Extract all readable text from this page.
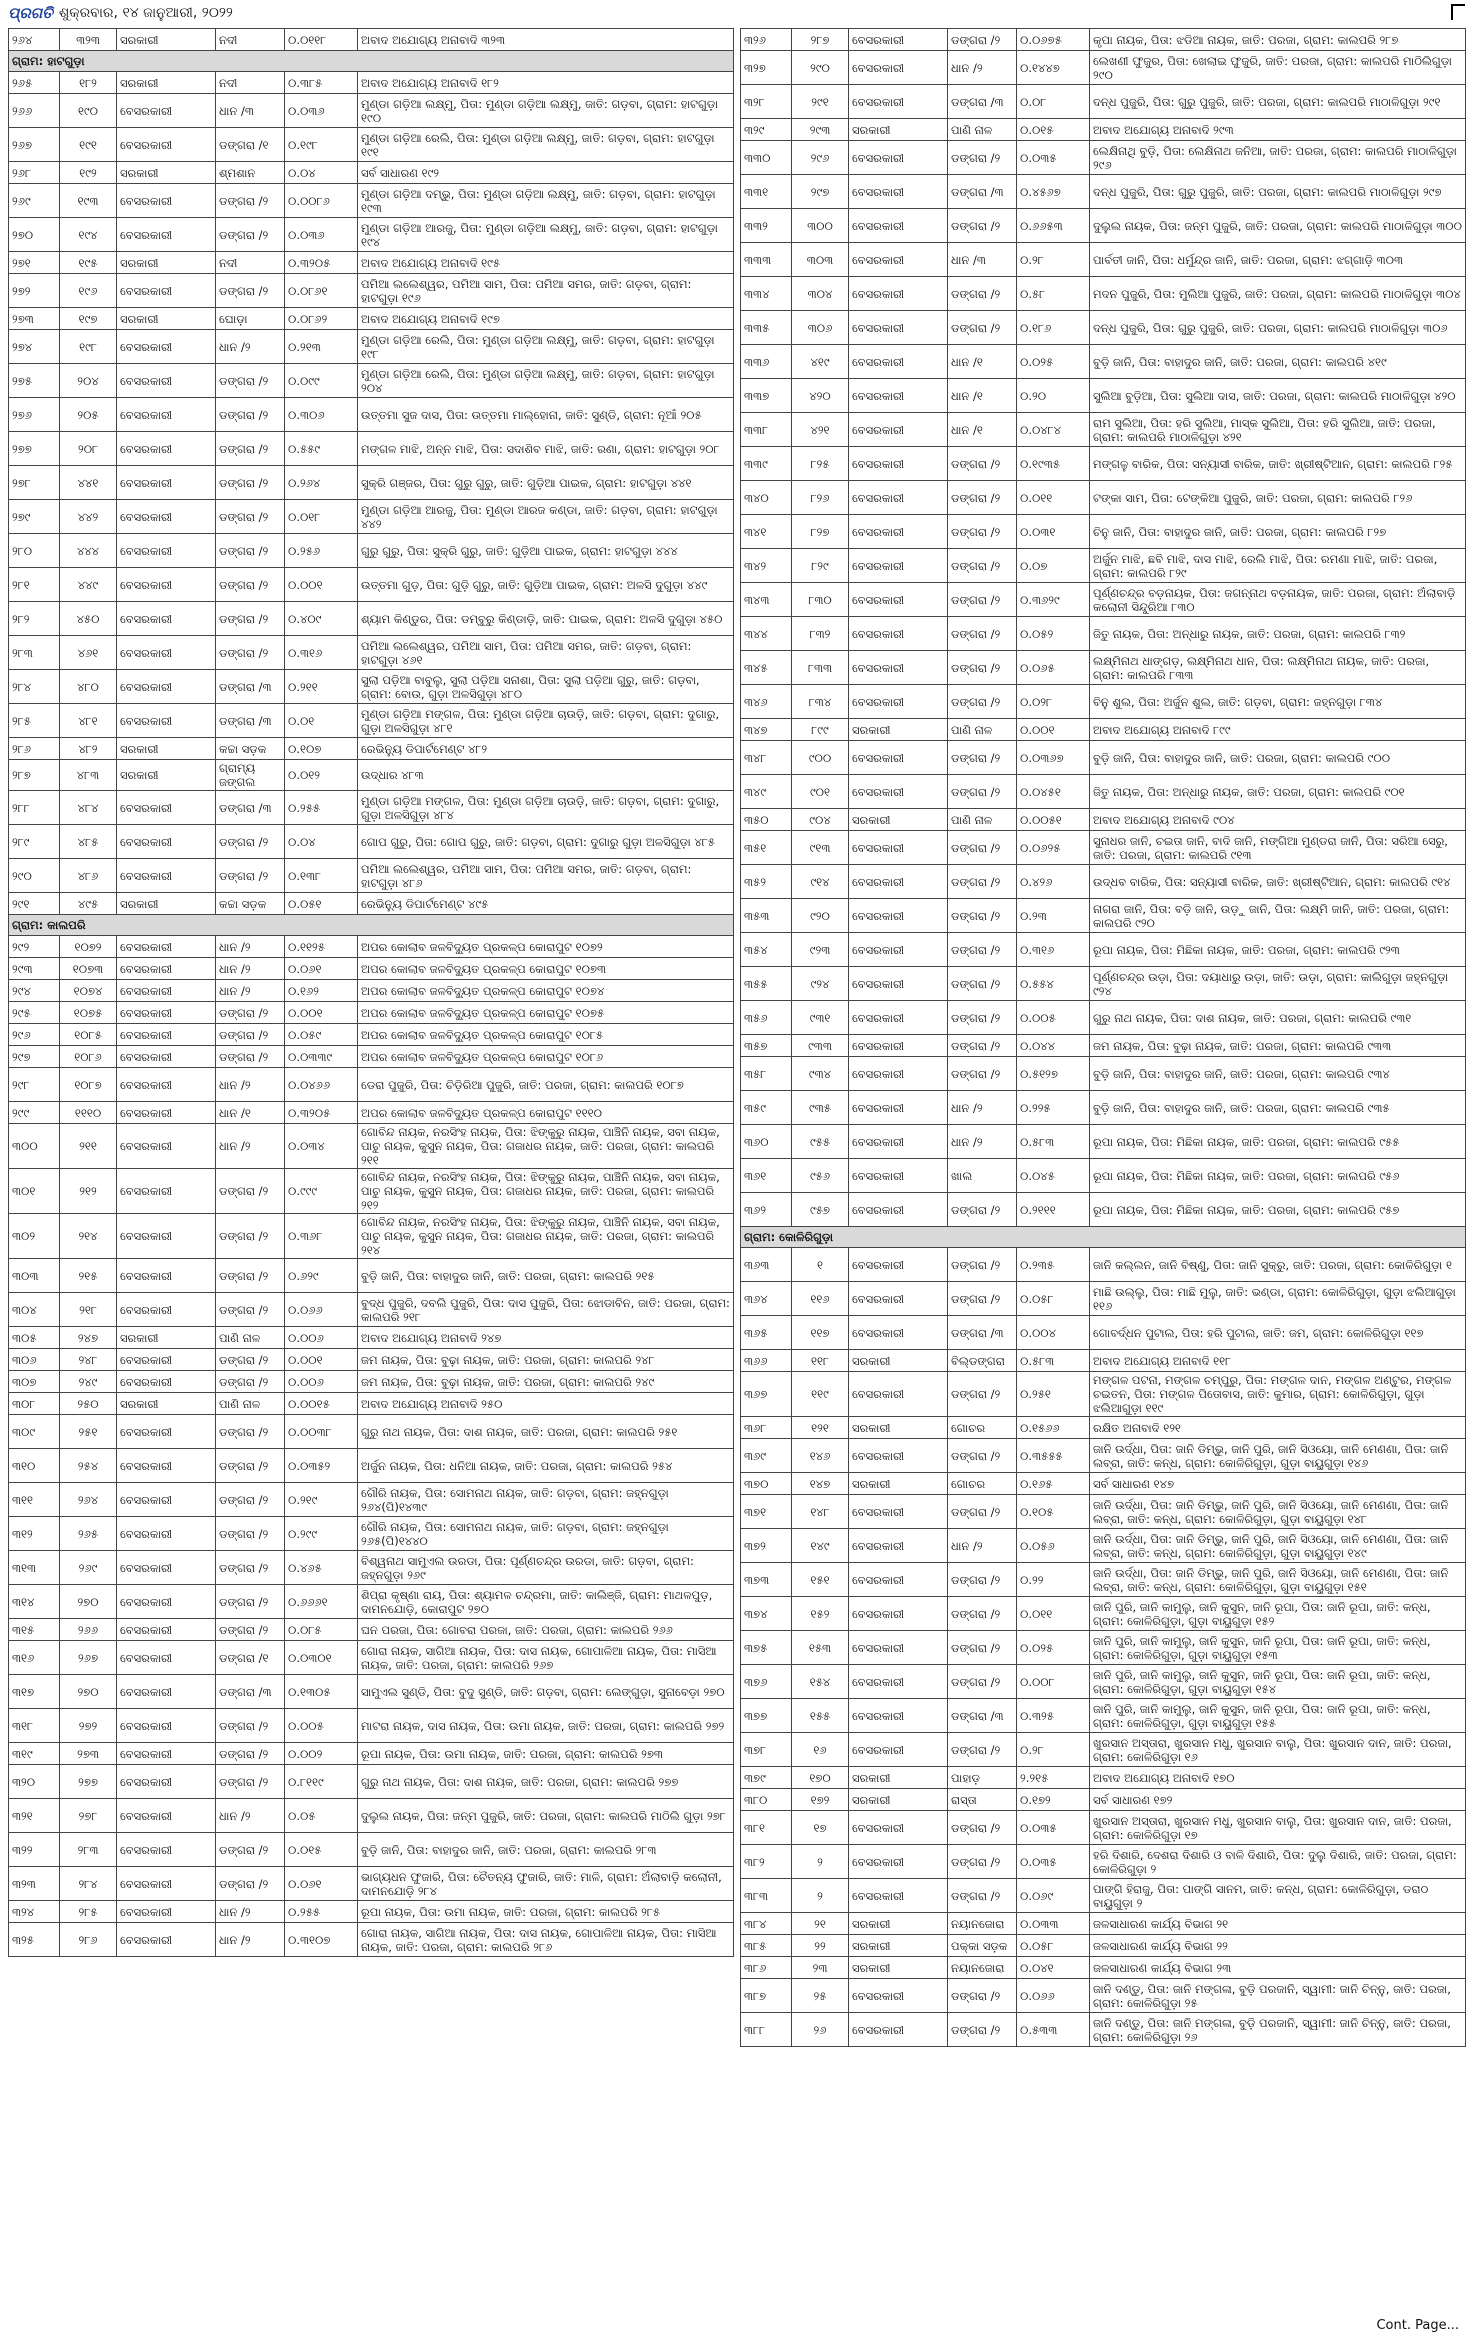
ପ୍ରଗତି ଶୁକ୍ରବାର, ୧୪ ଜାନୁଆରୀ, ୨୦୨୨
୨୬୪	୩୨୩	ସରକାରୀ	ନଦୀ	୦.୦୧୧୮	ଅବାଦ ଅଯୋଗ୍ୟ ଅନାବାଦି ୩୨୩
ଗ୍ରାମ: ହାଟଗୁଡ଼ା					
୨୬୫	୧୮୨	ସରକାରୀ	ନଦୀ	୦.୩୮୫	ଅବାଦ ଅଯୋଗ୍ୟ ଅନାବାଦି ୧୮୨
୨୬୬	୧୯୦	ବେସରକାରୀ	ଧାନ /୩	୦.୦୩୬	ମୁଣ୍ଡା ଗଡ଼ିଆ ଲକ୍ଷ୍ମୁ, ପିତା: ମୁଣ୍ଡା ଗଡ଼ିଆ ଲକ୍ଷ୍ମୁ, ଜାତି: ଗଡ଼ବା, ଗ୍ରାମ: ହାଟଗୁଡ଼ା ୧୯୦
୨୬୭	୧୯୧	ବେସରକାରୀ	ଡଙ୍ଗରା /୧	୦.୧୯୮	ମୁଣ୍ଡା ଗଡ଼ିଆ ରେଲି, ପିତା: ମୁଣ୍ଡା ଗଡ଼ିଆ ଲକ୍ଷ୍ମୁ, ଜାତି: ଗଡ଼ବା, ଗ୍ରାମ: ହାଟଗୁଡ଼ା ୧୯୧
୨୬୮	୧୯୨	ସରକାରୀ	ଶ୍ମଶାନ	୦.୦୪	ସର୍ବ ସାଧାରଣ ୧୯୨
୨୬୯	୧୯୩	ବେସରକାରୀ	ଡଙ୍ଗରା /୨	୦.୦୦୮୬	ମୁଣ୍ଡା ଗଡ଼ିଆ ଦମ୍ଭୁ, ପିତା: ମୁଣ୍ଡା ଗଡ଼ିଆ ଲକ୍ଷ୍ମୁ, ଜାତି: ଗଡ଼ବା, ଗ୍ରାମ: ହାଟଗୁଡ଼ା ୧୯୩
୨୭୦	୧୯୪	ବେସରକାରୀ	ଡଙ୍ଗରା /୨	୦.୦୩୬	ମୁଣ୍ଡା ଗଡ଼ିଆ ଆରଜୁ, ପିତା: ମୁଣ୍ଡା ଗଡ଼ିଆ ଲକ୍ଷ୍ମୁ, ଜାତି: ଗଡ଼ବା, ଗ୍ରାମ: ହାଟଗୁଡ଼ା ୧୯୪
୨୭୧	୧୯୫	ସରକାରୀ	ନଦୀ	୦.୩୨୦୫	ଅବାଦ ଅଯୋଗ୍ୟ ଅନାବାଦି ୧୯୫
୨୭୨	୧୯୬	ବେସରକାରୀ	ଡଙ୍ଗରା /୨	୦.୦୮୬୧	ପମିଆ ଲଲେଶ୍ୱର, ପମିଆ ସାମ, ପିତା: ପମିଆ ସମର, ଜାତି: ଗଡ଼ବା, ଗ୍ରାମ: ହାଟଗୁଡ଼ା ୧୯୬
୨୭୩	୧୯୭	ସରକାରୀ	ଘୋଡ଼ା	୦.୦୮୬୨	ଅବାଦ ଅଯୋଗ୍ୟ ଅନାବାଦି ୧୯୭
୨୭୪	୧୯୮	ବେସରକାରୀ	ଧାନ /୨	୦.୨୧୩	ମୁଣ୍ଡା ଗଡ଼ିଆ ରେଲି, ପିତା: ମୁଣ୍ଡା ଗଡ଼ିଆ ଲକ୍ଷ୍ମୁ, ଜାତି: ଗଡ଼ବା, ଗ୍ରାମ: ହାଟଗୁଡ଼ା ୧୯୮
୨୭୫	୨୦୪	ବେସରକାରୀ	ଡଙ୍ଗରା /୨	୦.୦୯୯	ମୁଣ୍ଡା ଗଡ଼ିଆ ରେଲି, ପିତା: ମୁଣ୍ଡା ଗଡ଼ିଆ ଲକ୍ଷ୍ମୁ, ଜାତି: ଗଡ଼ବା, ଗ୍ରାମ: ହାଟଗୁଡ଼ା ୨୦୪
୨୭୬	୨୦୫	ବେସରକାରୀ	ଡଙ୍ଗରା /୨	୦.୩୦୬	ଉତ୍ତମା ସୁଜ ଦାସ, ପିତା: ଉତ୍ତମା ମାଲ୍ହୋନା, ଜାତି: ସୁଣ୍ଡି, ଗ୍ରାମ: ନୂଆଁ ୨୦୫
୨୭୭	୨୦୮	ବେସରକାରୀ	ଡଙ୍ଗରା /୨	୦.୫୫୯	ମଙ୍ଗଳ ମାଝି, ଅନ୍ନ ମାଝି, ପିତା: ସଦାଶିବ ମାଝି, ଜାତି: ରଣା, ଗ୍ରାମ: ହାଟଗୁଡ଼ା ୨୦୮
୨୭୮	୪୪୧	ବେସରକାରୀ	ଡଙ୍ଗରା /୨	୦.୨୬୪	ସୁକ୍ରି ଗଞ୍ଜର, ପିତା: ଗୁରୁ ଗୁରୁ, ଜାତି: ଗୁଡ଼ିଆ ପାଇକ, ଗ୍ରାମ: ହାଟଗୁଡ଼ା ୪୪୧
୨୭୯	୪୪୨	ବେସରକାରୀ	ଡଙ୍ଗରା /୨	୦.୦୧୮	ମୁଣ୍ଡା ଗଡ଼ିଆ ଆରଜୁ, ପିତା: ମୁଣ୍ଡା ଆରଜ କଣ୍ଡା, ଜାତି: ଗଡ଼ବା, ଗ୍ରାମ: ହାଟଗୁଡ଼ା ୪୪୨
୨୮୦	୪୪୪	ବେସରକାରୀ	ଡଙ୍ଗରା /୨	୦.୨୫୬	ଗୁରୁ ଗୁରୁ, ପିତା: ସୁକ୍ରି ଗୁରୁ, ଜାତି: ଗୁଡ଼ିଆ ପାଇକ, ଗ୍ରାମ: ହାଟଗୁଡ଼ା ୪୪୪
୨୮୧	୪୪୯	ବେସରକାରୀ	ଡଙ୍ଗରା /୨	୦.୦୦୧	ଉତ୍ତମା ଗୁଡ଼, ପିତା: ଗୁଡ଼ି ଗୁରୁ, ଜାତି: ଗୁଡ଼ିଆ ପାଇକ, ଗ୍ରାମ: ଅଳସି ଦୁଗୁଡ଼ା ୪୪୯
୨୮୨	୪୫୦	ବେସରକାରୀ	ଡଙ୍ଗରା /୨	୦.୪୦୯	ଶ୍ୟାମ କିଣ୍ଡୁର, ପିତା: ଡମ୍ବୁରୁ କିଣ୍ଡାଡ଼ି, ଜାତି: ପାଇକ, ଗ୍ରାମ: ଅଳସି ଦୁଗୁଡ଼ା ୪୫୦
୨୮୩	୪୬୧	ବେସରକାରୀ	ଡଙ୍ଗରା /୨	୦.୩୧୬	ପମିଆ ଲଲେଶ୍ୱର, ପମିଆ ସାମ, ପିତା: ପମିଆ ସମର, ଜାତି: ଗଡ଼ବା, ଗ୍ରାମ: ହାଟଗୁଡ଼ା ୪୬୧
୨୮୪	୪୮୦	ବେସରକାରୀ	ଡଙ୍ଗରା /୩	୦.୨୧୧	ସୁଲା ପଡ଼ିଆ ବାବୁଲୁ, ସୁଲା ପଡ଼ିଆ ସନାଶା, ପିତା: ସୁଲା ପଡ଼ିଆ ଗୁରୁ, ଜାତି: ଗଡ଼ବା, ଗ୍ରାମ: ବୋଉ, ଗୁଡ଼ା ଅଳସିଗୁଡ଼ା ୪୮୦
୨୮୫	୪୮୧	ବେସରକାରୀ	ଡଙ୍ଗରା /୩	୦.୦୧	ମୁଣ୍ଡା ଗଡ଼ିଆ ମଙ୍ଗଳ, ପିତା: ମୁଣ୍ଡା ଗଡ଼ିଆ ଚାଉଡ଼ି, ଜାତି: ଗଡ଼ବା, ଗ୍ରାମ: ଦୁଗାରୁ, ଗୁଡ଼ା ଅଳସିଗୁଡ଼ା ୪୮୧
୨୮୬	୪୮୨	ସରକାରୀ	କଚ୍ଚା ସଡ଼କ	୦.୧୦୭	ରେଭିନ୍ୟୁ ଡିପାର୍ଟମେଣ୍ଟ ୪୮୨
୨୮୭	୪୮୩	ସରକାରୀ	ଗ୍ରାମ୍ୟ ଜଙ୍ଗଲ	୦.୦୧୨	ଉଦ୍ଧାର ୪୮୩
୨୮୮	୪୮୪	ବେସରକାରୀ	ଡଙ୍ଗରା /୩	୦.୨୫୫	ମୁଣ୍ଡା ଗଡ଼ିଆ ମଙ୍ଗଳ, ପିତା: ମୁଣ୍ଡା ଗଡ଼ିଆ ଚାଉଡ଼ି, ଜାତି: ଗଡ଼ବା, ଗ୍ରାମ: ଦୁଗାରୁ, ଗୁଡ଼ା ଅଳସିଗୁଡ଼ା ୪୮୪
୨୮୯	୪୮୫	ବେସରକାରୀ	ଡଙ୍ଗରା /୨	୦.୦୪	ଗୋପ ଗୁରୁ, ପିତା: ଗୋପ ଗୁରୁ, ଜାତି: ଗଡ଼ବା, ଗ୍ରାମ: ଦୁଗାରୁ ଗୁଡ଼ା ଅଳସିଗୁଡ଼ା ୪୮୫
୨୯୦	୪୮୬	ବେସରକାରୀ	ଡଙ୍ଗରା /୨	୦.୧୩୮	ପମିଆ ଲଲେଶ୍ୱର, ପମିଆ ସାମ, ପିତା: ପମିଆ ସମର, ଜାତି: ଗଡ଼ବା, ଗ୍ରାମ: ହାଟଗୁଡ଼ା ୪୮୬
୨୯୧	୪୯୫	ସରକାରୀ	କଚ୍ଚା ସଡ଼କ	୦.୦୫୧	ରେଭିନ୍ୟୁ ଡିପାର୍ଟମେଣ୍ଟ ୪୯୫
ଗ୍ରାମ: କାଲପରି					
୨୯୨	୧୦୭୨	ବେସରକାରୀ	ଧାନ /୨	୦.୧୧୨୫	ଅପର କୋଲାବ ଜଳବିଦ୍ୟୁତ ପ୍ରକଳ୍ପ କୋରାପୁଟ ୧୦୭୨
୨୯୩	୧୦୭୩	ବେସରକାରୀ	ଧାନ /୨	୦.୦୬୧	ଅପର କୋଲାବ ଜଳବିଦ୍ୟୁତ ପ୍ରକଳ୍ପ କୋରାପୁଟ ୧୦୭୩
୨୯୪	୧୦୭୪	ବେସରକାରୀ	ଧାନ /୨	୦.୧୬୨	ଅପର କୋଲାବ ଜଳବିଦ୍ୟୁତ ପ୍ରକଳ୍ପ କୋରାପୁଟ ୧୦୭୪
୨୯୫	୧୦୭୫	ବେସରକାରୀ	ଡଙ୍ଗରା /୨	୦.୦୦୧	ଅପର କୋଲାବ ଜଳବିଦ୍ୟୁତ ପ୍ରକଳ୍ପ କୋରାପୁଟ ୧୦୭୫
୨୯୬	୧୦୮୫	ବେସରକାରୀ	ଡଙ୍ଗରା /୨	୦.୦୫୯	ଅପର କୋଲାବ ଜଳବିଦ୍ୟୁତ ପ୍ରକଳ୍ପ କୋରାପୁଟ ୧୦୮୫
୨୯୭	୧୦୮୬	ବେସରକାରୀ	ଡଙ୍ଗରା /୨	୦.୦୩୩୯	ଅପର କୋଲାବ ଜଳବିଦ୍ୟୁତ ପ୍ରକଳ୍ପ କୋରାପୁଟ ୧୦୮୬
୨୯୮	୧୦୮୭	ବେସରକାରୀ	ଧାନ /୨	୦.୦୪୬୬	ଡେରା ପୁଜୁରି, ପିତା: ଚିଡ଼ିରିଆ ପୁଜୁରି, ଜାତି: ପରଜା, ଗ୍ରାମ: କାଲପରି ୧୦୮୭
୨୯୯	୧୧୧୦	ବେସରକାରୀ	ଧାନ /୧	୦.୩୨୦୫	ଅପର କୋଲାବ ଜଳବିଦ୍ୟୁତ ପ୍ରକଳ୍ପ କୋରାପୁଟ ୧୧୧୦
୩୦୦	୨୧୧	ବେସରକାରୀ	ଧାନ /୨	୦.୦୩୪	ଗୋବିନ୍ଦ ନାୟକ, ନରସିଂହ ନାୟକ, ପିତା: ଝିଙ୍କୁରୁ ନାୟକ, ପାଞ୍ଚିନି ନାୟକ, ସବା ନାୟକ, ପାଚୁ ନାୟକ, କୁସୁନ ନାୟକ, ପିତା: ଗଜାଧର ନାୟକ, ଜାତି: ପରଜା, ଗ୍ରାମ: କାଲପରି ୨୧୧
୩୦୧	୨୧୨	ବେସରକାରୀ	ଡଙ୍ଗରା /୨	୦.୯୯୯	ଗୋବିନ୍ଦ ନାୟକ, ନରସିଂହ ନାୟକ, ପିତା: ଝିଙ୍କୁରୁ ନାୟକ, ପାଞ୍ଚିନି ନାୟକ, ସବା ନାୟକ, ପାଚୁ ନାୟକ, କୁସୁନ ନାୟକ, ପିତା: ଗଜାଧର ନାୟକ, ଜାତି: ପରଜା, ଗ୍ରାମ: କାଲପରି ୨୧୨
୩୦୨	୨୧୪	ବେସରକାରୀ	ଡଙ୍ଗରା /୨	୦.୩୬୮	ଗୋବିନ୍ଦ ନାୟକ, ନରସିଂହ ନାୟକ, ପିତା: ଝିଙ୍କୁରୁ ନାୟକ, ପାଞ୍ଚିନି ନାୟକ, ସବା ନାୟକ, ପାଚୁ ନାୟକ, କୁସୁନ ନାୟକ, ପିତା: ଗଜାଧର ନାୟକ, ଜାତି: ପରଜା, ଗ୍ରାମ: କାଲପରି ୨୧୪
୩୦୩	୨୧୫	ବେସରକାରୀ	ଡଙ୍ଗରା /୨	୦.୬୨୯	ବୁଡ଼ି ଜାନି, ପିତା: ବାହାଦୁର ଜାନି, ଜାତି: ପରଜା, ଗ୍ରାମ: କାଲପରି ୨୧୫
୩୦୪	୨୧୮	ବେସରକାରୀ	ଡଙ୍ଗରା /୨	୦.୦୬୬	ବୁଦ୍ଧ ପୁଜୁରି, ଦବଲି ପୁଜୁରି, ପିତା: ଦାସ ପୁଜୁରି, ପିତା: ଝୋଡାବିନ, ଜାତି: ପରଜା, ଗ୍ରାମ: କାଲପରି ୨୧୮
୩୦୫	୨୪୭	ସରକାରୀ	ପାଣି ନାଳ	୦.୦୦୬	ଅବାଦ ଅଯୋଗ୍ୟ ଅନାବାଦି ୨୪୭
୩୦୬	୨୪୮	ବେସରକାରୀ	ଡଙ୍ଗରା /୨	୦.୦୦୧	ଜମ ନାୟକ, ପିତା: ବୁଢ଼ା ନାୟକ, ଜାତି: ପରଜା, ଗ୍ରାମ: କାଲପରି ୨୪୮
୩୦୭	୨୪୯	ବେସରକାରୀ	ଡଙ୍ଗରା /୨	୦.୦୦୬	ଜମ ନାୟକ, ପିତା: ବୁଢ଼ା ନାୟକ, ଜାତି: ପରଜା, ଗ୍ରାମ: କାଲପରି ୨୪୯
୩୦୮	୨୫୦	ସରକାରୀ	ପାଣି ନାଳ	୦.୦୦୧୫	ଅବାଦ ଅଯୋଗ୍ୟ ଅନାବାଦି ୨୫୦
୩୦୯	୨୫୧	ବେସରକାରୀ	ଡଙ୍ଗରା /୨	୦.୦୦୩୮	ଗୁରୁ ନାଥ ନାୟକ, ପିତା: ଦାଶ ନାୟକ, ଜାତି: ପରଜା, ଗ୍ରାମ: କାଲପରି ୨୫୧
୩୧୦	୨୫୪	ବେସରକାରୀ	ଡଙ୍ଗରା /୨	୦.୦୩୫୨	ଅର୍ଜୁନ ନାୟକ, ପିତା: ଧନିଆ ନାୟକ, ଜାତି: ପରଜା, ଗ୍ରାମ: କାଲପରି ୨୫୪
୩୧୧	୨୬୪	ବେସରକାରୀ	ଡଙ୍ଗରା /୨	୦.୨୧୯	ଗୌରି ନାୟକ, ପିତା: ସୋମନାଥ ନାୟକ, ଜାତି: ଗଡ଼ବା, ଗ୍ରାମ: ଜହ୍ନଗୁଡ଼ା ୨୬୪(ପି)୧୪୩୯
୩୧୨	୨୬୫	ବେସରକାରୀ	ଡଙ୍ଗରା /୨	୦.୨୯୯	ଗୌରି ନାୟକ, ପିତା: ସୋମନାଥ ନାୟକ, ଜାତି: ଗଡ଼ବା, ଗ୍ରାମ: ଜହ୍ନଗୁଡ଼ା ୨୬୫(ପି)୧୪୪୦
୩୧୩	୨୬୯	ବେସରକାରୀ	ଡଙ୍ଗରା /୨	୦.୪୬୫	ବିଶ୍ୱନାଥ ସାମୁଏଲ ଉରଡା, ପିତା: ପୂର୍ଣ୍ଣଚନ୍ଦ୍ର ଉରଡା, ଜାତି: ଗଡ଼ବା, ଗ୍ରାମ: ଜହ୍ନଗୁଡ଼ା ୨୬୯
୩୧୪	୨୭୦	ବେସରକାରୀ	ଡଙ୍ଗରା /୨	୦.୬୬୬୧	ଶିପ୍ରା କୃଷ୍ଣା ରାୟ, ପିତା: ଶ୍ୟାମଳ ଚନ୍ଦ୍ରମା, ଜାତି: କାଲିଞ୍ଜି, ଗ୍ରାମ: ମାଥଳପୁଡ଼, ଦାମନଯୋଡ଼ି, କୋରାପୁଟ ୨୭୦
୩୧୫	୨୬୬	ବେସରକାରୀ	ଡଙ୍ଗରା /୨	୦.୦୮୫	ଘନ ପରଜା, ପିତା: ଗୋବରା ପରଜା, ଜାତି: ପରଜା, ଗ୍ରାମ: କାଲପରି ୨୬୬
୩୧୬	୨୬୭	ବେସରକାରୀ	ଡଙ୍ଗରା /୧	୦.୦୩୦୧	ଗୋରା ନାୟକ, ସାଗିଆ ନାୟକ, ପିତା: ଦାସ ନାୟକ, ଗୋପାଳିଆ ନାୟକ, ପିତା: ମାସିଆ ନାୟକ, ଜାତି: ପରଜା, ଗ୍ରାମ: କାଲପରି ୨୬୭
୩୧୭	୨୭୦	ବେସରକାରୀ	ଡଙ୍ଗରା /୩	୦.୧୩୦୫	ସାମୁଏଲ ସୁଣ୍ଡି, ପିତା: ବୁଦୁ ସୁଣ୍ଡି, ଜାତି: ଗଡ଼ବା, ଗ୍ରାମ: ଲେଙ୍ଗୁଡ଼ା, ସୁନାବେଡ଼ା ୨୭୦
୩୧୮	୨୭୨	ବେସରକାରୀ	ଡଙ୍ଗରା /୨	୦.୦୦୫	ମାଟରା ନାୟକ, ଦାସ ନାୟକ, ପିତା: ଉମା ନାୟକ, ଜାତି: ପରଜା, ଗ୍ରାମ: କାଲପରି ୨୭୨
୩୧୯	୨୭୩	ବେସରକାରୀ	ଡଙ୍ଗରା /୨	୦.୦୦୨	ରୂପା ନାୟକ, ପିତା: ଉମା ନାୟକ, ଜାତି: ପରଜା, ଗ୍ରାମ: କାଲପରି ୨୭୩
୩୨୦	୨୭୭	ବେସରକାରୀ	ଡଙ୍ଗରା /୨	୦.୮୧୧୯	ଗୁରୁ ନାଥ ନାୟକ, ପିତା: ଦାଶ ନାୟକ, ଜାତି: ପରଜା, ଗ୍ରାମ: କାଲପରି ୨୭୭
୩୨୧	୨୭୮	ବେସରକାରୀ	ଧାନ /୨	୦.୦୫	ଦୁଲୁଲ ନାୟକ, ପିତା: ଜନ୍ମ ପୁଜୁରି, ଜାତି: ପରଜା, ଗ୍ରାମ: କାଲପରି ମାଠିଲି ଗୁଡ଼ା ୨୭୮
୩୨୨	୨୮୩	ବେସରକାରୀ	ଡଙ୍ଗରା /୨	୦.୦୧୫	ବୁଡ଼ି ଜାନି, ପିତା: ବାହାଦୁର ଜାନି, ଜାତି: ପରଜା, ଗ୍ରାମ: କାଲପରି ୨୮୩
୩୨୩	୨୮୪	ବେସରକାରୀ	ଡଙ୍ଗରା /୨	୦.୦୬୧	ଭାଗ୍ୟଧନ ଫୁଜାରି, ପିତା: ଚୈତନ୍ୟ ଫୁଜାରି, ଜାତି: ମାଳି, ଗ୍ରାମ: ଅଁଲାବାଡ଼ି କଲୋନୀ, ଦାମନଯୋଡ଼ି ୨୮୪
୩୨୪	୨୮୫	ବେସରକାରୀ	ଧାନ /୨	୦.୨୫୫	ରୂପା ନାୟକ, ପିତା: ଉମା ନାୟକ, ଜାତି: ପରଜା, ଗ୍ରାମ: କାଲପରି ୨୮୫
୩୨୫	୨୮୬	ବେସରକାରୀ	ଧାନ /୨	୦.୩୧୦୭	ଗୋରା ନାୟକ, ସାଗିଆ ନାୟକ, ପିତା: ଦାସ ନାୟକ, ଗୋପାଳିଆ ନାୟକ, ପିତା: ମାସିଆ ନାୟକ, ଜାତି: ପରଜା, ଗ୍ରାମ: କାଲପରି ୨୮୬
୩୨୬	୨୮୭	ବେସରକାରୀ	ଡଙ୍ଗରା /୨	୦.୦୬୭୫	କୃପା ନାୟକ, ପିତା: ଝଡିଆ ନାୟକ, ଜାତି: ପରଜା, ଗ୍ରାମ: କାଲପରି ୨୮୭
୩୨୭	୨୯୦	ବେସରକାରୀ	ଧାନ /୨	୦.୧୪୪୭	ଲେଖଣୀ ଫୁଜୁର, ପିତା: ଖେଲାଇ ଫୁଜୁରି, ଜାତି: ପରଜା, ଗ୍ରାମ: କାଲପରି ମାଠିଲିଗୁଡ଼ା ୨୯୦
୩୨୮	୨୯୧	ବେସରକାରୀ	ଡଙ୍ଗରା /୩	୦.୦୮	ଦନ୍ଧ ପୁଜୁରି, ପିତା: ଗୁରୁ ପୁଜୁରି, ଜାତି: ପରଜା, ଗ୍ରାମ: କାଲପରି ମାଠାଳିଗୁଡ଼ା ୨୯୧
୩୨୯	୨୯୩	ସରକାରୀ	ପାଣି ନାଳ	୦.୦୧୫	ଅବାଦ ଅଯୋଗ୍ୟ ଅନାବାଦି ୨୯୩
୩୩୦	୨୯୬	ବେସରକାରୀ	ଡଙ୍ଗରା /୨	୦.୦୩୫	ଲେକ୍ଷିନାଥି ବୁଡ଼ି, ପିତା: ଲେକ୍ଷିନାଥ ଜନିଆ, ଜାତି: ପରଜା, ଗ୍ରାମ: କାଲପରି ମାଠାଳିଗୁଡ଼ା ୨୯୬
୩୩୧	୨୯୭	ବେସରକାରୀ	ଡଙ୍ଗରା /୩	୦.୪୫୬୭	ଦନ୍ଧ ପୁଜୁରି, ପିତା: ଗୁରୁ ପୁଜୁରି, ଜାତି: ପରଜା, ଗ୍ରାମ: କାଲପରି ମାଠାଳିଗୁଡ଼ା ୨୯୭
୩୩୨	୩୦୦	ବେସରକାରୀ	ଡଙ୍ଗରା /୨	୦.୬୬୫୩	ଦୁଲୁଲ ନାୟକ, ପିତା: ଜନ୍ମ ପୁଜୁରି, ଜାତି: ପରଜା, ଗ୍ରାମ: କାଲପରି ମାଠାଳିଗୁଡ଼ା ୩୦୦
୩୩୩	୩୦୩	ବେସରକାରୀ	ଧାନ /୩	୦.୨୮	ପାର୍ବତୀ ଜାନି, ପିତା: ଧର୍ମୁନ୍ଦ୍ର ଜାନି, ଜାତି: ପରଜା, ଗ୍ରାମ: ଝଗ୍ଗାଡ଼ି ୩୦୩
୩୩୪	୩୦୪	ବେସରକାରୀ	ଡଙ୍ଗରା /୨	୦.୫୮	ମଦନ ପୁଜୁରି, ପିତା: ମୁଲିଆ ପୁଜୁରି, ଜାତି: ପରଜା, ଗ୍ରାମ: କାଲପରି ମାଠାଳିଗୁଡ଼ା ୩୦୪
୩୩୫	୩୦୬	ବେସରକାରୀ	ଡଙ୍ଗରା /୨	୦.୧୮୬	ଦନ୍ଧ ପୁଜୁରି, ପିତା: ଗୁରୁ ପୁଜୁରି, ଜାତି: ପରଜା, ଗ୍ରାମ: କାଲପରି ମାଠାଳିଗୁଡ଼ା ୩୦୬
୩୩୬	୪୧୯	ବେସରକାରୀ	ଧାନ /୧	୦.୦୨୫	ବୁଡ଼ି ଜାନି, ପିତା: ବାହାଦୁର ଜାନି, ଜାତି: ପରଜା, ଗ୍ରାମ: କାଲପରି ୪୧୯
୩୩୭	୪୨୦	ବେସରକାରୀ	ଧାନ /୧	୦.୨୦	ସୁଲିଆ ବୁଡ଼ିଆ, ପିତା: ସୁଲିଆ ଦାସ, ଜାତି: ପରଜା, ଗ୍ରାମ: କାଲପରି ମାଠାଳିଗୁଡ଼ା ୪୨୦
୩୩୮	୪୨୧	ବେସରକାରୀ	ଧାନ /୧	୦.୦୪୮୪	ରାମ ସୁଲିଆ, ପିତା: ହରି ସୁଲିଆ, ମାସ୍କ ସୁଲିଆ, ପିତା: ହରି ସୁଲିଆ, ଜାତି: ପରଜା, ଗ୍ରାମ: କାଲପରି ମାଠାଳିଗୁଡ଼ା ୪୨୧
୩୩୯	୮୨୫	ବେସରକାରୀ	ଡଙ୍ଗରା /୨	୦.୧୯୩୫	ମଙ୍ଗଳୁ ବାରିକ, ପିତା: ସନ୍ୟାସୀ ବାରିକ, ଜାତି: ଖ୍ରୀଷ୍ଟିଆନ, ଗ୍ରାମ: କାଲପରି ୮୨୫
୩୪୦	୮୨୬	ବେସରକାରୀ	ଡଙ୍ଗରା /୨	୦.୦୧୧	ଟଙ୍କା ସାମ, ପିତା: ଟେଙ୍କିଆ ପୁଜୁରି, ଜାତି: ପରଜା, ଗ୍ରାମ: କାଲପରି ୮୨୬
୩୪୧	୮୨୭	ବେସରକାରୀ	ଡଙ୍ଗରା /୨	୦.୦୩୧	ଚିନୁ ଜାନି, ପିତା: ବାହାଦୁର ଜାନି, ଜାତି: ପରଜା, ଗ୍ରାମ: କାଲପରି ୮୨୭
୩୪୨	୮୨୯	ବେସରକାରୀ	ଡଙ୍ଗରା /୨	୦.୦୭	ଅର୍ଜୁନ ମାଝି, ଛବି ମାଝି, ଦାସ ମାଝି, ରେଲି ମାଝି, ପିତା: ରମଣା ମାଝି, ଜାତି: ପରଜା, ଗ୍ରାମ: କାଲପରି ୮୨୯
୩୪୩	୮୩୦	ବେସରକାରୀ	ଡଙ୍ଗରା /୨	୦.୩୬୨୯	ପୂର୍ଣ୍ଣଚନ୍ଦ୍ର ବଡ଼ନାୟକ, ପିତା: ଜଗନ୍ନାଥ ବଡ଼ନାୟକ, ଜାତି: ପରଜା, ଗ୍ରାମ: ଅଁଲାବାଡ଼ି କଲୋନୀ ସିନ୍ଦୁରିଆ ୮୩୦
୩୪୪	୮୩୨	ବେସରକାରୀ	ଡଙ୍ଗରା /୨	୦.୦୫୨	ଜିତୁ ନାୟକ, ପିତା: ଅନ୍ଧାରୁ ନାୟକ, ଜାତି: ପରଜା, ଗ୍ରାମ: କାଲପରି ୮୩୨
୩୪୫	୮୩୩	ବେସରକାରୀ	ଡଙ୍ଗରା /୨	୦.୦୬୫	ଲକ୍ଷ୍ମିନାଥ ଧାଙ୍ଗଡ଼, ଲକ୍ଷ୍ମିନାଥ ଧାନ, ପିତା: ଲକ୍ଷ୍ମିନାଥ ନାୟକ, ଜାତି: ପରଜା, ଗ୍ରାମ: କାଲପରି ୮୩୩
୩୪୬	୮୩୪	ବେସରକାରୀ	ଡଙ୍ଗରା /୨	୦.୦୨୮	ବିନୁ ଶୁଲ, ପିତା: ଅର୍ଜୁନ ଶୁଲ, ଜାତି: ଗଡ଼ବା, ଗ୍ରାମ: ଜହ୍ନଗୁଡ଼ା ୮୩୪
୩୪୭	୮୯୯	ସରକାରୀ	ପାଣି ନାଳ	୦.୦୦୧	ଅବାଦ ଅଯୋଗ୍ୟ ଅନାବାଦି ୮୯୯
୩୪୮	୯୦୦	ବେସରକାରୀ	ଡଙ୍ଗରା /୨	୦.୦୩୬୭	ବୁଡ଼ି ଜାନି, ପିତା: ବାହାଦୁର ଜାନି, ଜାତି: ପରଜା, ଗ୍ରାମ: କାଲପରି ୯୦୦
୩୪୯	୯୦୧	ବେସରକାରୀ	ଡଙ୍ଗରା /୨	୦.୦୪୫୧	ଜିତୁ ନାୟକ, ପିତା: ଅନ୍ଧାରୁ ନାୟକ, ଜାତି: ପରଜା, ଗ୍ରାମ: କାଲପରି ୯୦୧
୩୫୦	୯୦୪	ସରକାରୀ	ପାଣି ନାଳ	୦.୦୦୫୧	ଅବାଦ ଅଯୋଗ୍ୟ ଅନାବାଦି ୯୦୪
୩୫୧	୯୧୩	ବେସରକାରୀ	ଡଙ୍ଗରା /୨	୦.୦୬୨୫	ସୁନାଧର ଜାନି, ଚଇତା ଜାନି, ବାଦି ଜାନି, ମଙ୍ଗିଆ ମୁଣ୍ଡରା ଜାନି, ପିତା: ସରିଆ ସେରୁ, ଜାତି: ପରଜା, ଗ୍ରାମ: କାଲପରି ୯୧୩
୩୫୨	୯୧୪	ବେସରକାରୀ	ଡଙ୍ଗରା /୨	୦.୪୨୬	ଉଦ୍ଧବ ବାରିକ, ପିତା: ସନ୍ୟାସୀ ବାରିକ, ଜାତି: ଖ୍ରୀଷ୍ଟିଆନ, ଗ୍ରାମ: କାଲପରି ୯୧୪
୩୫୩	୯୨୦	ବେସରକାରୀ	ଡଙ୍ଗରା /୨	୦.୨୩	ନାଗରା ଜାନି, ପିତା: ବଡ଼ି ଜାନି, ଉଡ଼ୁ ଜାନି, ପିତା: ଲକ୍ଷ୍ମି ଜାନି, ଜାତି: ପରଜା, ଗ୍ରାମ: କାଲପରି ୯୨୦
୩୫୪	୯୨୩	ବେସରକାରୀ	ଡଙ୍ଗରା /୨	୦.୩୧୬	ରୂପା ନାୟକ, ପିତା: ମିଛିକା ନାୟକ, ଜାତି: ପରଜା, ଗ୍ରାମ: କାଲପରି ୯୨୩
୩୫୫	୯୨୪	ବେସରକାରୀ	ଡଙ୍ଗରା /୨	୦.୫୫୪	ପୂର୍ଣ୍ଣଚନ୍ଦ୍ର ଉଡ଼ା, ପିତା: ଦୟାଧାରୁ ଉଡ଼ା, ଜାତି: ଉଡ଼ା, ଗ୍ରାମ: କାଲିଗୁଡ଼ା ଜହ୍ନଗୁଡ଼ା ୯୨୪
୩୫୬	୯୩୧	ବେସରକାରୀ	ଡଙ୍ଗରା /୨	୦.୦୦୫	ଗୁରୁ ନାଥ ନାୟକ, ପିତା: ଦାଶ ନାୟକ, ଜାତି: ପରଜା, ଗ୍ରାମ: କାଲପରି ୯୩୧
୩୫୭	୯୩୩	ବେସରକାରୀ	ଡଙ୍ଗରା /୨	୦.୦୪୪	ଜମ ନାୟକ, ପିତା: ବୁଢ଼ା ନାୟକ, ଜାତି: ପରଜା, ଗ୍ରାମ: କାଲପରି ୯୩୩
୩୫୮	୯୩୪	ବେସରକାରୀ	ଡଙ୍ଗରା /୨	୦.୫୧୨୭	ବୁଡ଼ି ଜାନି, ପିତା: ବାହାଦୁର ଜାନି, ଜାତି: ପରଜା, ଗ୍ରାମ: କାଲପରି ୯୩୪
୩୫୯	୯୩୫	ବେସରକାରୀ	ଧାନ /୨	୦.୨୨୫	ବୁଡ଼ି ଜାନି, ପିତା: ବାହାଦୁର ଜାନି, ଜାତି: ପରଜା, ଗ୍ରାମ: କାଲପରି ୯୩୫
୩୬୦	୯୫୫	ବେସରକାରୀ	ଧାନ /୨	୦.୫୮୩	ରୂପା ନାୟକ, ପିତା: ମିଛିକା ନାୟକ, ଜାତି: ପରଜା, ଗ୍ରାମ: କାଲପରି ୯୫୫
୩୬୧	୯୫୬	ବେସରକାରୀ	ଖାଲ	୦.୦୪୫	ରୂପା ନାୟକ, ପିତା: ମିଛିକା ନାୟକ, ଜାତି: ପରଜା, ଗ୍ରାମ: କାଲପରି ୯୫୬
୩୬୨	୯୫୭	ବେସରକାରୀ	ଡଙ୍ଗରା /୨	୦.୨୧୧୧	ରୂପା ନାୟକ, ପିତା: ମିଛିକା ନାୟକ, ଜାତି: ପରଜା, ଗ୍ରାମ: କାଲପରି ୯୫୭
ଗ୍ରାମ: କୋଳିରିଗୁଡ଼ା					
୩୬୩	୧	ବେସରକାରୀ	ଡଙ୍ଗରା /୨	୦.୨୩୫	ଜାନି କଲ୍ଲନ, ଜାନି ବିଷ୍ଣୁ, ପିତା: ଜାନି ସୁକ୍ରୁ, ଜାତି: ପରଜା, ଗ୍ରାମ: କୋଳିରିଗୁଡ଼ା ୧
୩୬୪	୧୧୬	ବେସରକାରୀ	ଡଙ୍ଗରା /୨	୦.୦୫୮	ମାଛି ଉଲ୍ଲୁ, ପିତା: ମାଛି ମୁଲୁ, ଜାତି: ଭଣ୍ଡା, ଗ୍ରାମ: କୋଳିରିଗୁଡ଼ା, ଗୁଡ଼ା ଝଲିଆଗୁଡ଼ା ୧୧୬
୩୬୫	୧୧୭	ବେସରକାରୀ	ଡଙ୍ଗରା /୩	୦.୦୦୪	ଗୋବର୍ଦ୍ଧନ ପୁଟାଲ, ପିତା: ହରି ପୁଟାଲ, ଜାତି: ଜମ, ଗ୍ରାମ: କୋଳିରିଗୁଡ଼ା ୧୧୭
୩୬୬	୧୧୮	ସରକାରୀ	ବିଲ୍ଡଙ୍ଗରା	୦.୫୮୩	ଅବାଦ ଅଯୋଗ୍ୟ ଅନାବାଦି ୧୧୮
୩୬୭	୧୧୯	ବେସରକାରୀ	ଡଙ୍ଗରା /୨	୦.୨୫୧	ମଙ୍ଗଳ ପଟନା, ମଙ୍ଗଳ ଚମ୍ପୁରୁ, ପିତା: ମଙ୍ଗଳ ଦାନ, ମଙ୍ଗଳ ଅଣ୍ଟୁର, ମଙ୍ଗଳ ଚଇତନ, ପିତା: ମଙ୍ଗଳ ପିତୋବାସ, ଜାତି: କୁମାର, ଗ୍ରାମ: କୋଳିରିଗୁଡ଼ା, ଗୁଡ଼ା ଝଲିଆଗୁଡ଼ା ୧୧୯
୩୬୮	୧୨୧	ସରକାରୀ	ଗୋଚର	୦.୧୫୬୬	ରକ୍ଷିତ ଅନାବାଦି ୧୨୧
୩୬୯	୧୪୬	ବେସରକାରୀ	ଡଙ୍ଗରା /୨	୦.୩୫୫୫	ଜାନି ଉର୍ଦ୍ଧା, ପିତା: ଜାନି ଡିମ୍ଭୁ, ଜାନି ପୁରି, ଜାନି ସିଓୟୋ, ଜାନି ମେଣଣା, ପିତା: ଜାନି ଲବ୍ରା, ଜାତି: କନ୍ଧ, ଗ୍ରାମ: କୋଳିରିଗୁଡ଼ା, ଗୁଡ଼ା ବାୟୁଗୁଡ଼ା ୧୪୬
୩୭୦	୧୪୭	ସରକାରୀ	ଗୋଚର	୦.୧୬୫	ସର୍ବ ସାଧାରଣ ୧୪୭
୩୭୧	୧୪୮	ବେସରକାରୀ	ଡଙ୍ଗରା /୨	୦.୧୦୫	ଜାନି ଉର୍ଦ୍ଧା, ପିତା: ଜାନି ଡିମ୍ଭୁ, ଜାନି ପୁରି, ଜାନି ସିଓୟୋ, ଜାନି ମେଣଣା, ପିତା: ଜାନି ଲବ୍ରା, ଜାତି: କନ୍ଧ, ଗ୍ରାମ: କୋଳିରିଗୁଡ଼ା, ଗୁଡ଼ା ବାୟୁଗୁଡ଼ା ୧୪୮
୩୭୨	୧୪୯	ବେସରକାରୀ	ଧାନ /୨	୦.୦୫୬	ଜାନି ଉର୍ଦ୍ଧା, ପିତା: ଜାନି ଡିମ୍ଭୁ, ଜାନି ପୁରି, ଜାନି ସିଓୟୋ, ଜାନି ମେଣଣା, ପିତା: ଜାନି ଲବ୍ରା, ଜାତି: କନ୍ଧ, ଗ୍ରାମ: କୋଳିରିଗୁଡ଼ା, ଗୁଡ଼ା ବାୟୁଗୁଡ଼ା ୧୪୯
୩୭୩	୧୫୧	ବେସରକାରୀ	ଡଙ୍ଗରା /୨	୦.୨୨	ଜାନି ଉର୍ଦ୍ଧା, ପିତା: ଜାନି ଡିମ୍ଭୁ, ଜାନି ପୁରି, ଜାନି ସିଓୟୋ, ଜାନି ମେଣଣା, ପିତା: ଜାନି ଲବ୍ରା, ଜାତି: କନ୍ଧ, ଗ୍ରାମ: କୋଳିରିଗୁଡ଼ା, ଗୁଡ଼ା ବାୟୁଗୁଡ଼ା ୧୫୧
୩୭୪	୧୫୨	ବେସରକାରୀ	ଡଙ୍ଗରା /୨	୦.୦୧୧	ଜାନି ପୁରି, ଜାନି କାମୁଲୁ, ଜାନି କୁସୁନ, ଜାନି ରୂପା, ପିତା: ଜାନି ରୂପା, ଜାତି: କନ୍ଧ, ଗ୍ରାମ: କୋଳିରିଗୁଡ଼ା, ଗୁଡ଼ା ବାୟୁଗୁଡ଼ା ୧୫୨
୩୭୫	୧୫୩	ବେସରକାରୀ	ଡଙ୍ଗରା /୨	୦.୦୨୫	ଜାନି ପୁରି, ଜାନି କାମୁଲୁ, ଜାନି କୁସୁନ, ଜାନି ରୂପା, ପିତା: ଜାନି ରୂପା, ଜାତି: କନ୍ଧ, ଗ୍ରାମ: କୋଳିରିଗୁଡ଼ା, ଗୁଡ଼ା ବାୟୁଗୁଡ଼ା ୧୫୩
୩୭୬	୧୫୪	ବେସରକାରୀ	ଡଙ୍ଗରା /୨	୦.୦୦୮	ଜାନି ପୁରି, ଜାନି କାମୁଲୁ, ଜାନି କୁସୁନ, ଜାନି ରୂପା, ପିତା: ଜାନି ରୂପା, ଜାତି: କନ୍ଧ, ଗ୍ରାମ: କୋଳିରିଗୁଡ଼ା, ଗୁଡ଼ା ବାୟୁଗୁଡ଼ା ୧୫୪
୩୭୭	୧୫୫	ବେସରକାରୀ	ଡଙ୍ଗରା /୩	୦.୩୨୫	ଜାନି ପୁରି, ଜାନି କାମୁଲୁ, ଜାନି କୁସୁନ, ଜାନି ରୂପା, ପିତା: ଜାନି ରୂପା, ଜାତି: କନ୍ଧ, ଗ୍ରାମ: କୋଳିରିଗୁଡ଼ା, ଗୁଡ଼ା ବାୟୁଗୁଡ଼ା ୧୫୫
୩୭୮	୧୬	ବେସରକାରୀ	ଡଙ୍ଗରା /୨	୦.୨୮	ଖୁରସାନ ଅସ୍ତାରା, ଖୁରସାନ ମଧୁ, ଖୁରସାନ ବାଲୁ, ପିତା: ଖୁରସାନ ଦାନ, ଜାତି: ପରଜା, ଗ୍ରାମ: କୋଳିରିଗୁଡ଼ା ୧୬
୩୭୯	୧୭୦	ସରକାରୀ	ପାହାଡ଼	୨.୨୧୫	ଅବାଦ ଅଯୋଗ୍ୟ ଅନାବାଦି ୧୭୦
୩୮୦	୧୭୨	ସରକାରୀ	ରାସ୍ତା	୦.୧୭୨	ସର୍ବ ସାଧାରଣ ୧୭୨
୩୮୧	୧୭	ବେସରକାରୀ	ଡଙ୍ଗରା /୨	୦.୦୩୫	ଖୁରସାନ ଅସ୍ତାରା, ଖୁରସାନ ମଧୁ, ଖୁରସାନ ବାଲୁ, ପିତା: ଖୁରସାନ ଦାନ, ଜାତି: ପରଜା, ଗ୍ରାମ: କୋଳିରିଗୁଡ଼ା ୧୭
୩୮୨	୨	ବେସରକାରୀ	ଡଙ୍ଗରା /୨	୦.୦୩୫	ହରି ଦିଶାରି, ଦେଶରା ଦିଶାରି ଓ ବାଳି ଦିଶାରି, ପିତା: ଦୁଲୁ ଦିଶାରି, ଜାତି: ପରଜା, ଗ୍ରାମ: କୋଳିରିଗୁଡ଼ା ୨
୩୮୩	୨	ବେସରକାରୀ	ଡଙ୍ଗରା /୨	୦.୦୬୯	ପାଙ୍ଗି ହିରାଜୁ, ପିତା: ପାଙ୍ଗି ସାନମ, ଜାତି: କନ୍ଧ, ଗ୍ରାମ: କୋଳିରିଗୁଡ଼ା, ଡରାଠ ବାୟୁଗୁଡ଼ା ୨
୩୮୪	୨୧	ସରକାରୀ	ନୟାନଜୋରା	୦.୦୩୩	ଜଳସାଧାରଣ କାର୍ଯ୍ୟ ବିଭାଗ ୨୧
୩୮୫	୨୨	ସରକାରୀ	ପକ୍କା ସଡ଼କ	୦.୦୫୮	ଜଳସାଧାରଣ କାର୍ଯ୍ୟ ବିଭାଗ ୨୨
୩୮୬	୨୩	ସରକାରୀ	ନୟାନଜୋରା	୦.୦୪୧	ଜଳସାଧାରଣ କାର୍ଯ୍ୟ ବିଭାଗ ୨୩
୩୮୭	୨୫	ବେସରକାରୀ	ଡଙ୍ଗରା /୨	୦.୦୬୬	ଜାନି ଦଣ୍ଡୁ, ପିତା: ଜାନି ମଙ୍ଗଳା, ବୁଡ଼ି ପରଜାନି, ସ୍ୱାମୀ: ଜାନି ଚିନ୍ନୁ, ଜାତି: ପରଜା, ଗ୍ରାମ: କୋଳିରିଗୁଡ଼ା ୨୫
୩୮୮	୨୬	ବେସରକାରୀ	ଡଙ୍ଗରା /୨	୦.୫୩୩	ଜାନି ଦଣ୍ଡୁ, ପିତା: ଜାନି ମଙ୍ଗଳା, ବୁଡ଼ି ପରଜାନି, ସ୍ୱାମୀ: ଜାନି ଚିନ୍ନୁ, ଜାତି: ପରଜା, ଗ୍ରାମ: କୋଳିରିଗୁଡ଼ା ୨୬
Cont. Page...
